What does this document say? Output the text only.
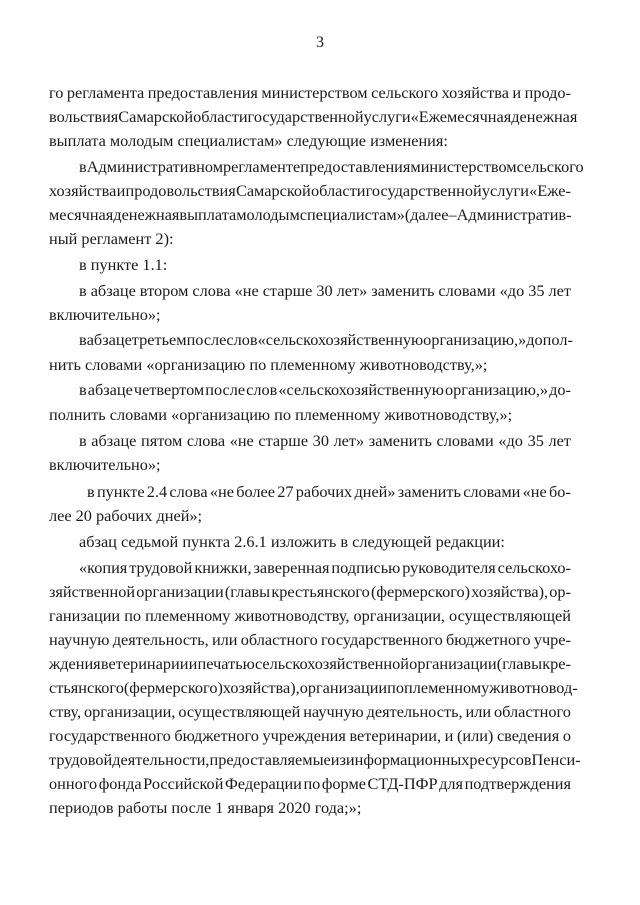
3
го регламента предоставления министерством сельского хозяйства и продо-
вольствия Самарской области государственной услуги «Ежемесячная денежная
выплата молодым специалистам» следующие изменения:
в Административном регламенте предоставления министерством сельского
хозяйства и продовольствия Самарской области государственной услуги «Еже-
месячная денежная выплата молодым специалистам» (далее – Административ-
ный регламент 2):
в пункте 1.1:
в абзаце втором слова «не старше 30 лет» заменить словами «до 35 лет
включительно»;
в абзаце третьем после слов «сельскохозяйственную организацию,» допол-
нить словами «организацию по племенному животноводству,»;
в абзаце четвертом после слов «сельскохозяйственную организацию,» до-
полнить словами «организацию по племенному животноводству,»;
в абзаце пятом слова «не старше 30 лет» заменить словами «до 35 лет
включительно»;
в пункте 2.4 слова «не более 27 рабочих дней» заменить словами «не бо-
лее 20 рабочих дней»;
абзац седьмой пункта 2.6.1 изложить в следующей редакции:
«копия трудовой книжки, заверенная подписью руководителя сельскохо-
зяйственной организации (главы крестьянского (фермерского) хозяйства), ор-
ганизации по племенному животноводству, организации, осуществляющей
научную деятельность, или областного государственного бюджетного учре-
ждения ветеринарии и печатью сельскохозяйственной организации (главы кре-
стьянского (фермерского) хозяйства), организации по племенному животновод-
ству, организации, осуществляющей научную деятельность, или областного
государственного бюджетного учреждения ветеринарии, и (или) сведения о
трудовой деятельности, предоставляемые из информационных ресурсов Пенси-
онного фонда Российской Федерации по форме СТД-ПФР для подтверждения
периодов работы после 1 января 2020 года;»;
